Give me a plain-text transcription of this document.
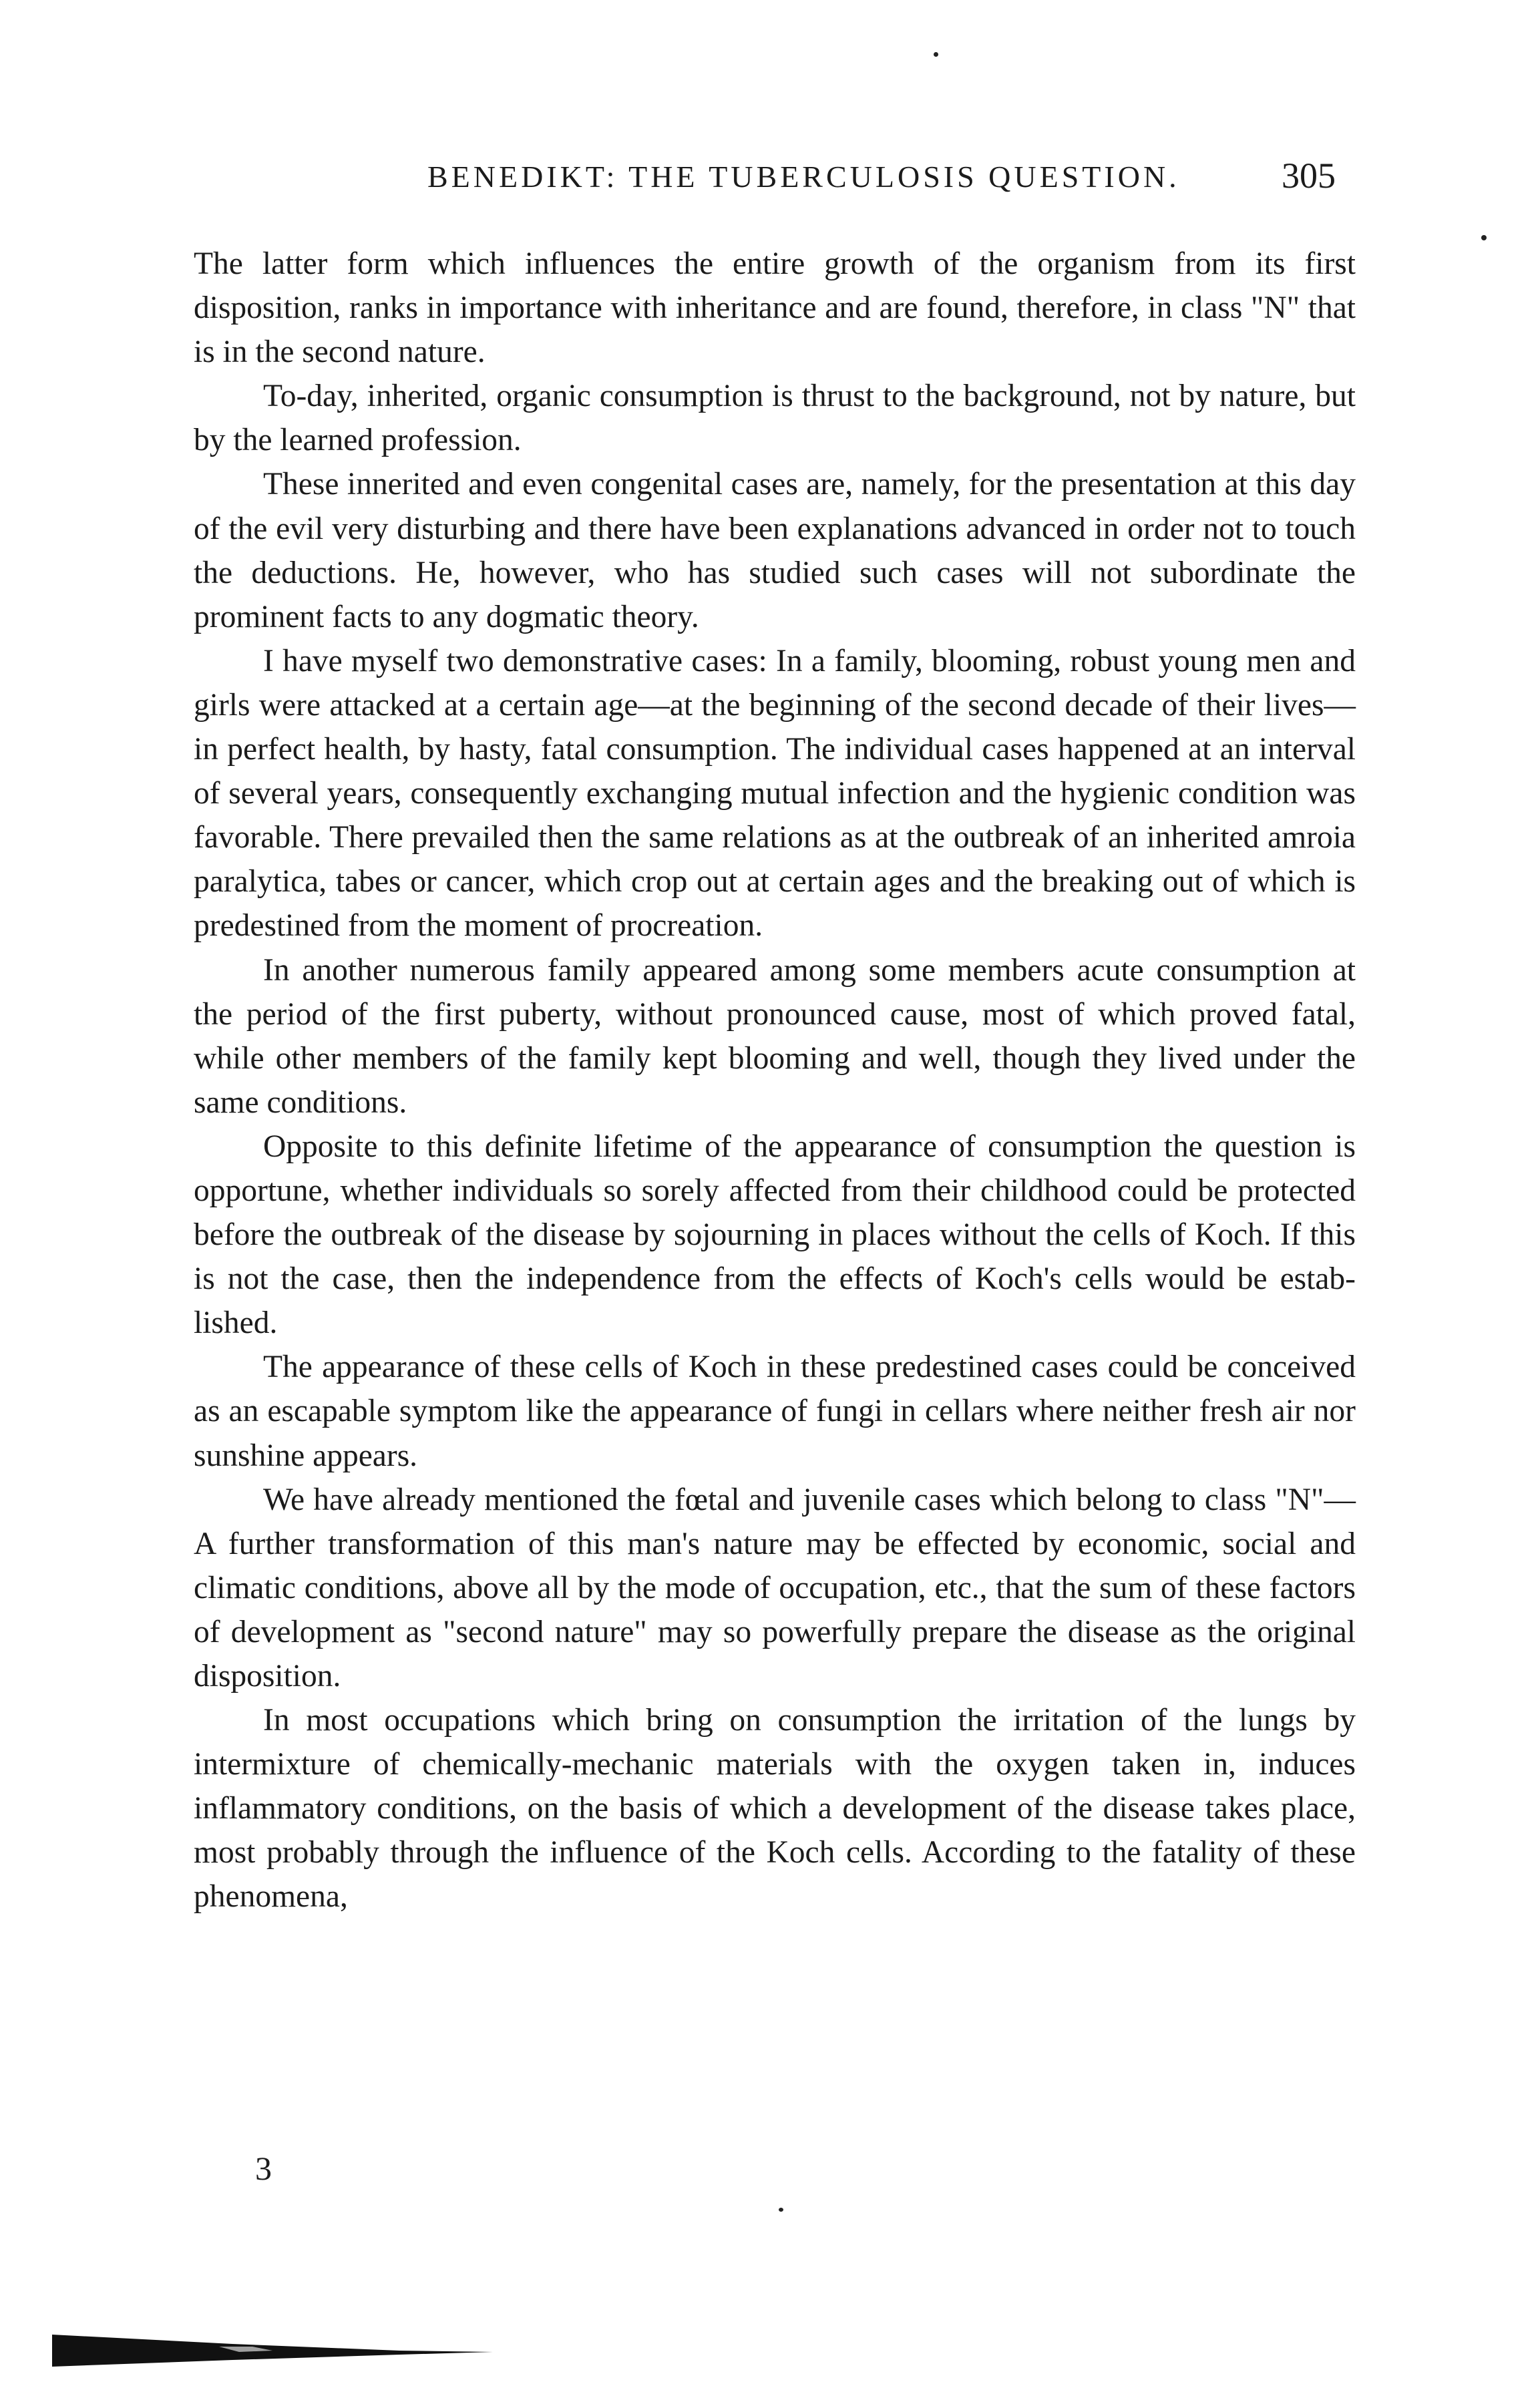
BENEDIKT: THE TUBERCULOSIS QUESTION.	305

The latter form which influences the entire growth of the organism from its first disposition, ranks in importance with inheritance and are found, therefore, in class "N" that is in the second nature.

To-day, inherited, organic consumption is thrust to the background, not by nature, but by the learned profession.

These innerited and even congenital cases are, namely, for the presentation at this day of the evil very disturbing and there have been explanations advanced in order not to touch the deductions. He, however, who has studied such cases will not subordinate the prominent facts to any dogmatic theory.

I have myself two demonstrative cases: In a family, blooming, robust young men and girls were attacked at a certain age—at the beginning of the second decade of their lives—in perfect health, by hasty, fatal consumption. The individual cases happened at an interval of several years, consequently exchanging mutual infection and the hygienic condition was favorable. There prevailed then the same relations as at the outbreak of an inherited amroia paralytica, tabes or cancer, which crop out at certain ages and the breaking out of which is predestined from the moment of procreation.

In another numerous family appeared among some members acute consumption at the period of the first puberty, without pronounced cause, most of which proved fatal, while other members of the family kept blooming and well, though they lived under the same conditions.

Opposite to this definite lifetime of the appearance of consumption the question is opportune, whether individuals so sorely affected from their childhood could be protected before the outbreak of the disease by sojourning in places without the cells of Koch. If this is not the case, then the independence from the effects of Koch's cells would be established.

The appearance of these cells of Koch in these predestined cases could be conceived as an escapable symptom like the appearance of fungi in cellars where neither fresh air nor sunshine appears.

We have already mentioned the fœtal and juvenile cases which belong to class "N"—A further transformation of this man's nature may be effected by economic, social and climatic conditions, above all by the mode of occupation, etc., that the sum of these factors of development as "second nature" may so powerfully prepare the disease as the original disposition.

In most occupations which bring on consumption the irritation of the lungs by intermixture of chemically-mechanic materials with the oxygen taken in, induces inflammatory conditions, on the basis of which a development of the disease takes place, most probably through the influence of the Koch cells. According to the fatality of these phenomena,

3
